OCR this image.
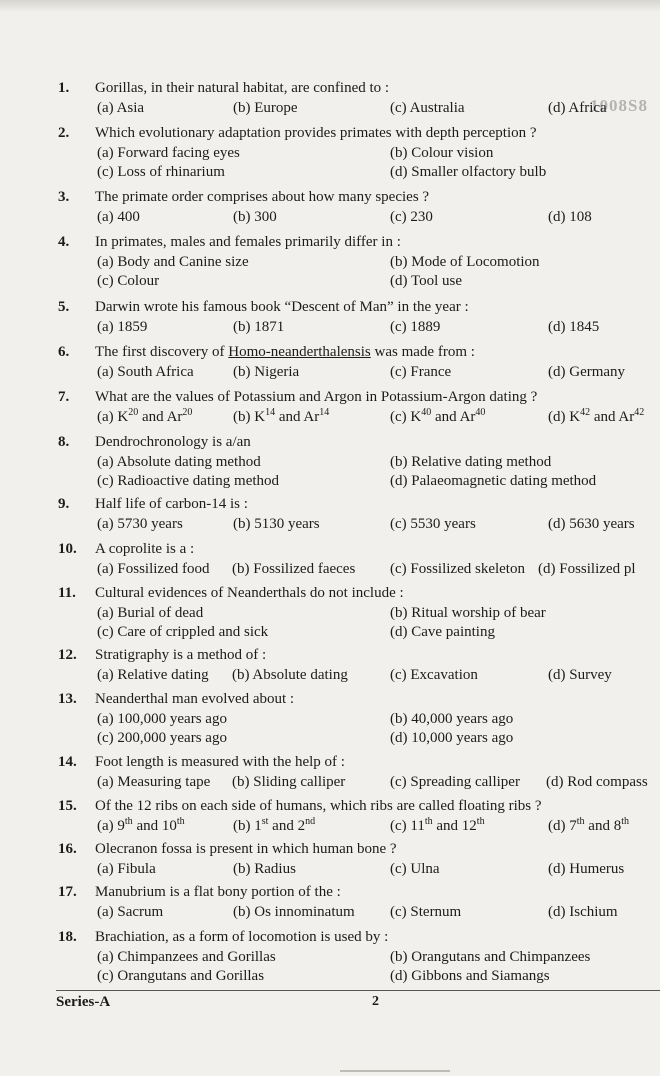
1008S8
1. Gorillas, in their natural habitat, are confined to :
(a) Asia	(b) Europe	(c) Australia	(d) Africa
2. Which evolutionary adaptation provides primates with depth perception ?
(a) Forward facing eyes	(b) Colour vision
(c) Loss of rhinarium	(d) Smaller olfactory bulb
3. The primate order comprises about how many species ?
(a) 400	(b) 300	(c) 230	(d) 108
4. In primates, males and females primarily differ in :
(a) Body and Canine size	(b) Mode of Locomotion
(c) Colour	(d) Tool use
5. Darwin wrote his famous book “Descent of Man” in the year :
(a) 1859	(b) 1871	(c) 1889	(d) 1845
6. The first discovery of Homo-neanderthalensis was made from :
(a) South Africa	(b) Nigeria	(c) France	(d) Germany
7. What are the values of Potassium and Argon in Potassium-Argon dating ?
(a) $K^{20}$ and Ar$^{20}$	(b) $K^{14}$ and Ar$^{14}$	(c) $K^{40}$ and Ar$^{40}$	(d) $K^{42}$ and Ar$^{42}$
8. Dendrochronology is a/an
(a) Absolute dating method	(b) Relative dating method
(c) Radioactive dating method	(d) Palaeomagnetic dating method
9. Half life of carbon-14 is :
(a) 5730 years	(b) 5130 years	(c) 5530 years	(d) 5630 years
10. A coprolite is a :
(a) Fossilized food (b) Fossilized faeces (c) Fossilized skeleton (d) Fossilized pl
11. Cultural evidences of Neanderthals do not include :
(a) Burial of dead	(b) Ritual worship of bear
(c) Care of crippled and sick	(d) Cave painting
12. Stratigraphy is a method of :
(a) Relative dating (b) Absolute dating	(c) Excavation	(d) Survey
13. Neanderthal man evolved about :
(a) 100,000 years ago	(b) 40,000 years ago
(c) 200,000 years ago	(d) 10,000 years ago
14. Foot length is measured with the help of :
(a) Measuring tape (b) Sliding calliper	(c) Spreading calliper (d) Rod compass
15. Of the 12 ribs on each side of humans, which ribs are called floating ribs ?
(a) 9th and 10th	(b) 1st and 2nd	(c) 11th and 12th	(d) 7th and 8th
16. Olecranon fossa is present in which human bone ?
(a) Fibula	(b) Radius	(c) Ulna	(d) Humerus
17. Manubrium is a flat bony portion of the :
(a) Sacrum	(b) Os innominatum (c) Sternum	(d) Ischium
18. Brachiation, as a form of locomotion is used by :
(a) Chimpanzees and Gorillas	(b) Orangutans and Chimpanzees
(c) Orangutans and Gorillas	(d) Gibbons and Siamangs
Series-A	2
